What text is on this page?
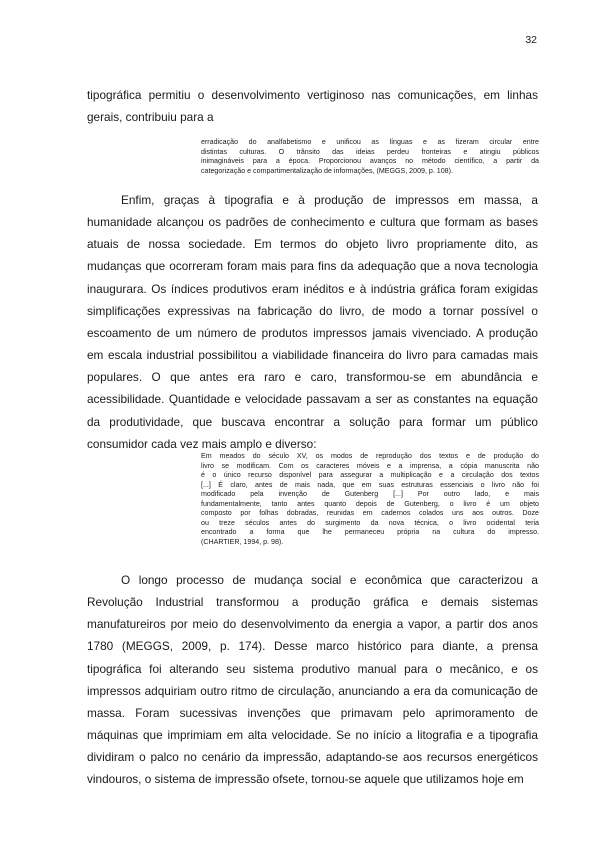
32
tipográfica permitiu o desenvolvimento vertiginoso nas comunicações, em linhas
gerais, contribuiu para a
erradicação do analfabetismo e unificou as línguas e as fizeram circular entre
distintas culturas. O trânsito das ideias perdeu fronteiras e atingiu públicos
inimagináveis para a época. Proporcionou avanços no método científico, a partir da
categorização e compartimentalização de informações, (MEGGS, 2009, p. 108).
Enfim, graças à tipografia e à produção de impressos em massa, a
humanidade alcançou os padrões de conhecimento e cultura que formam as bases
atuais de nossa sociedade. Em termos do objeto livro propriamente dito, as
mudanças que ocorreram foram mais para fins da adequação que a nova tecnologia
inaugurara. Os índices produtivos eram inéditos e à indústria gráfica foram exigidas
simplificações expressivas na fabricação do livro, de modo a tornar possível o
escoamento de um número de produtos impressos jamais vivenciado. A produção
em escala industrial possibilitou a viabilidade financeira do livro para camadas mais
populares. O que antes era raro e caro, transformou-se em abundância e
acessibilidade. Quantidade e velocidade passavam a ser as constantes na equação
da produtividade, que buscava encontrar a solução para formar um público
consumidor cada vez mais amplo e diverso:
Em meados do século XV, os modos de reprodução dos textos e de produção do
livro se modificam. Com os caracteres móveis e a imprensa, a cópia manuscrita não
é o único recurso disponível para assegurar a multiplicação e a circulação dos textos
[...] É claro, antes de mais nada, que em suas estruturas essenciais o livro não foi
modificado pela invenção de Gutenberg [...] Por outro lado, e mais
fundamentalmente, tanto antes quanto depois de Gutenberg, o livro é um objeto
composto por folhas dobradas, reunidas em cadernos colados uns aos outros. Doze
ou treze séculos antes do surgimento da nova técnica, o livro ocidental teria
encontrado a forma que lhe permaneceu própria na cultura do impresso.
(CHARTIER, 1994, p. 98).
O longo processo de mudança social e econômica que caracterizou a
Revolução Industrial transformou a produção gráfica e demais sistemas
manufatureiros por meio do desenvolvimento da energia a vapor, a partir dos anos
1780 (MEGGS, 2009, p. 174). Desse marco histórico para diante, a prensa
tipográfica foi alterando seu sistema produtivo manual para o mecânico, e os
impressos adquiriam outro ritmo de circulação, anunciando a era da comunicação de
massa. Foram sucessivas invenções que primavam pelo aprimoramento de
máquinas que imprimiam em alta velocidade. Se no início a litografia e a tipografia
dividiram o palco no cenário da impressão, adaptando-se aos recursos energéticos
vindouros, o sistema de impressão ofsete, tornou-se aquele que utilizamos hoje em
